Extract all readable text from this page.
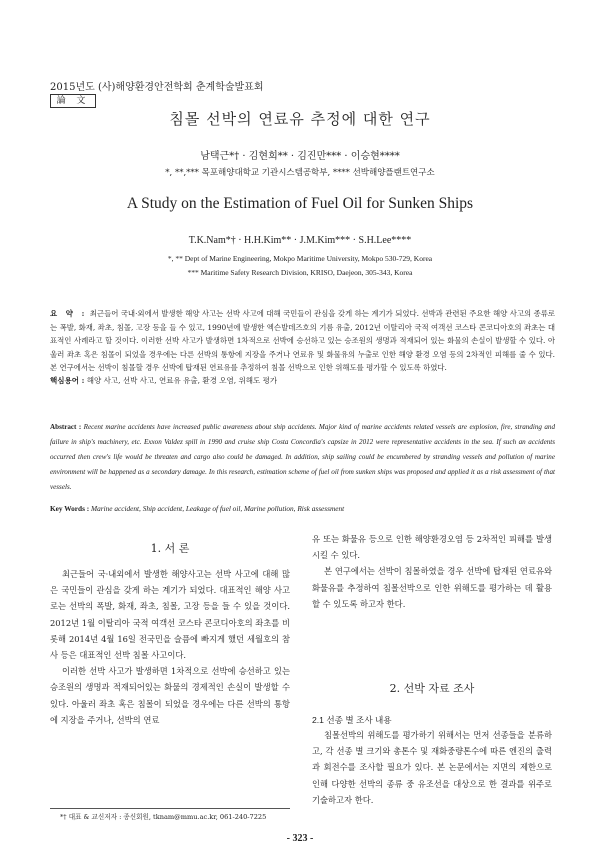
2015년도 (사)해양환경안전학회 춘계학술발표회
論 文
침몰 선박의 연료유 추정에 대한 연구
남택근*† · 김현희** · 김진만*** · 이승현****
*, **,*** 목포해양대학교 기관시스템공학부, **** 선박해양플랜트연구소
A Study on the Estimation of Fuel Oil for Sunken Ships
T.K.Nam*† · H.H.Kim** · J.M.Kim*** · S.H.Lee****
*, ** Dept of Marine Engineering, Mokpo Maritime University, Mokpo 530-729, Korea
*** Maritime Safety Research Division, KRISO, Daejeon, 305-343, Korea
요 약 : 최근들어 국내·외에서 발생한 해양 사고는 선박 사고에 대해 국민들이 관심을 갖게 하는 계기가 되었다. 선박과 관련된 주요한 해양 사고의 종류로는 폭발, 화재, 좌초, 침몰, 고장 등을 들 수 있고, 1990년에 발생한 엑슨발데즈호의 기름 유출, 2012년 이탈리아 국적 여객선 코스타 콘코디아호의 좌초는 대표적인 사례라고 할 것이다. 이러한 선박 사고가 발생하면 1차적으로 선박에 승선하고 있는 승조원의 생명과 적재되어 있는 화물의 손실이 발생할 수 있다. 아울러 좌초 혹은 침몰이 되었을 경우에는 다른 선박의 통항에 지장을 주거나 연료유 및 화물유의 누출로 인한 해양 환경 오염 등의 2차적인 피해를 줄 수 있다. 본 연구에서는 선박이 침몰할 경우 선박에 탑재된 연료유를 추정하여 침몰 선박으로 인한 위해도를 평가할 수 있도록 하였다.
핵심용어 : 해양 사고, 선박 사고, 연료유 유출, 환경 오염, 위해도 평가
Abstract : Recent marine accidents have increased public awareness about ship accidents. Major kind of marine accidents related vessels are explosion, fire, stranding and failure in ship's machinery, etc. Exxon Valdez spill in 1990 and cruise ship Costa Concordia's capsize in 2012 were representative accidents in the sea. If such an accidents occurred then crew's life would be threaten and cargo also could be damaged. In addition, ship sailing could be encumbered by stranding vessels and pollution of marine environment will be happened as a secondary damage. In this research, estimation scheme of fuel oil from sunken ships was proposed and applied it as a risk assessment of that vessels.
Key Words : Marine accident, Ship accident, Leakage of fuel oil, Marine pollution, Risk assessment
1. 서 론

최근들어 국·내외에서 발생한 해양사고는 선박 사고에 대해 많은 국민들이 관심을 갖게 하는 계기가 되었다. 대표적인 해양 사고로는 선박의 폭발, 화재, 좌초, 침몰, 고장 등을 들 수 있을 것이다. 2012년 1월 이탈리아 국적 여객선 코스타 콘코디아호의 좌초를 비롯해 2014년 4월 16일 전국민을 슬픔에 빠지게 했던 세월호의 참사 등은 대표적인 선박 침몰 사고이다.

이러한 선박 사고가 발생하면 1차적으로 선박에 승선하고 있는 승조원의 생명과 적재되어있는 화물의 경제적인 손실이 발생할 수 있다. 아울러 좌초 혹은 침몰이 되었을 경우에는 다른 선박의 통항에 지장을 주거나, 선박의 연료

유 또는 화물유 등으로 인한 해양환경오염 등 2차적인 피해를 발생시킬 수 있다.

본 연구에서는 선박이 침몰하였을 경우 선박에 탑재된 연료유와 화물유를 추정하여 침몰선박으로 인한 위해도를 평가하는 데 활용할 수 있도록 하고자 한다.

2. 선박 자료 조사
2.1 선종 별 조사 내용

침몰선박의 위해도를 평가하기 위해서는 먼저 선종들을 분류하고, 각 선종 별 크기와 총톤수 및 재화중량톤수에 따른 엔진의 출력과 회전수를 조사할 필요가 있다. 본 논문에서는 지면의 제한으로 인해 다양한 선박의 종류 중 유조선을 대상으로 한 결과를 위주로 기술하고자 한다.

*† 대표 & 교신저자 : 종신회원, tknam@mmu.ac.kr, 061-240-7225
- 323 -
